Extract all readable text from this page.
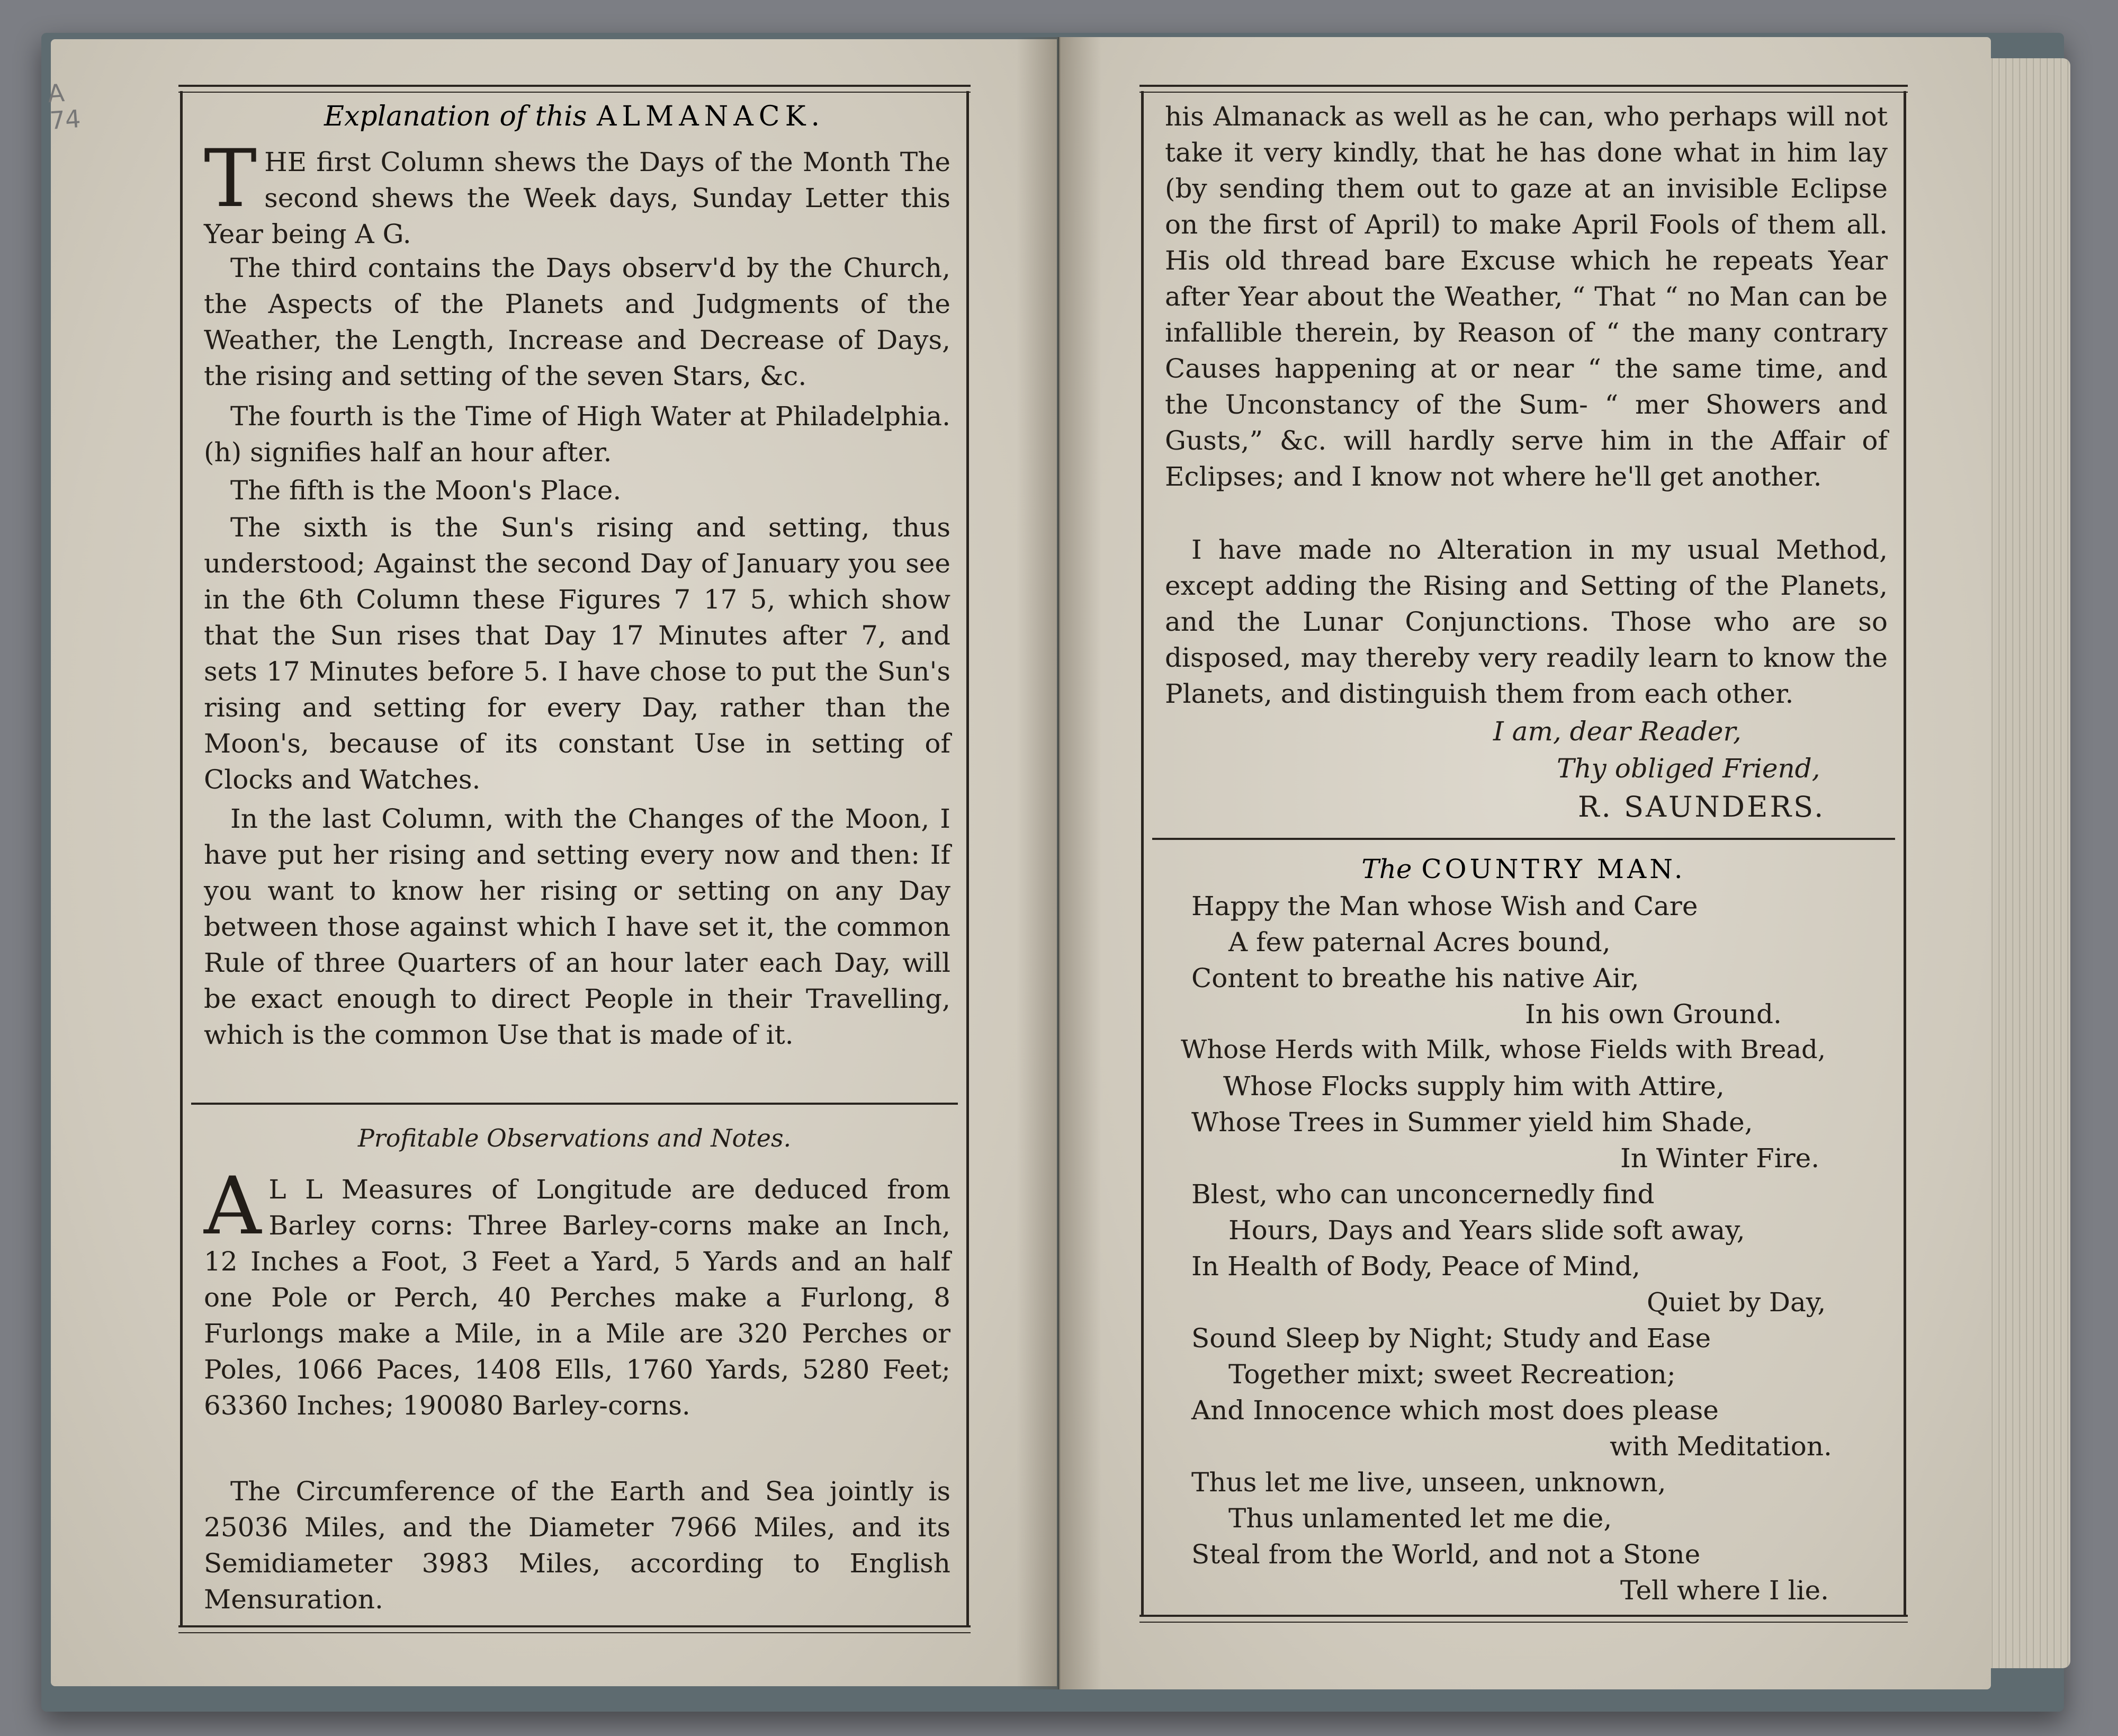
A
74	Explanation of this ALMANACK.
THE first Column shews the Days of the Month The second shews the Week days, Sunday Letter this Year being A G.
The third contains the Days observ'd by the Church, the Aspects of the Planets and Judgments of the Weather, the Length, Increase and Decrease of Days, the rising and setting of the seven Stars, &c.
The fourth is the Time of High Water at Philadelphia. (h) signifies half an hour after.
The fifth is the Moon's Place.
The sixth is the Sun's rising and setting, thus understood; Against the second Day of January you see in the 6th Column these Figures 7 17 5, which show that the Sun rises that Day 17 Minutes after 7, and sets 17 Minutes before 5. I have chose to put the Sun's rising and setting for every Day, rather than the Moon's, because of its constant Use in setting of Clocks and Watches.
In the last Column, with the Changes of the Moon, I have put her rising and setting every now and then: If you want to know her rising or setting on any Day between those against which I have set it, the common Rule of three Quarters of an hour later each Day, will be exact enough to direct People in their Travelling, which is the common Use that is made of it.
Profitable Observations and Notes.
A L L Measures of Longitude are deduced from Barley corns: Three Barley-corns make an Inch, 12 Inches a Foot, 3 Feet a Yard, 5 Yards and an half one Pole or Perch, 40 Perches make a Furlong, 8 Furlongs make a Mile, in a Mile are 320 Perches or Poles, 1066 Paces, 1408 Ells, 1760 Yards, 5280 Feet; 63360 Inches; 190080 Barley-corns.
The Circumference of the Earth and Sea jointly is 25036 Miles, and the Diameter 7966 Miles, and its Semidiameter 3983 Miles, according to English Mensuration.
his Almanack as well as he can, who perhaps will not take it very kindly, that he has done what in him lay (by sending them out to gaze at an invisible Eclipse on the first of April) to make April Fools of them all. His old thread bare Excuse which he repeats Year after Year about the Weather, “ That “ no Man can be infallible therein, by Reason of “ the many contrary Causes happening at or near “ the same time, and the Unconstancy of the Sum- “ mer Showers and Gusts,” &c. will hardly serve him in the Affair of Eclipses; and I know not where he'll get another.
I have made no Alteration in my usual Method, except adding the Rising and Setting of the Planets, and the Lunar Conjunctions. Those who are so disposed, may thereby very readily learn to know the Planets, and distinguish them from each other.
I am, dear Reader,
Thy obliged Friend,
R. SAUNDERS.
The COUNTRY MAN.
Happy the Man whose Wish and Care
A few paternal Acres bound,
Content to breathe his native Air,
In his own Ground.
Whose Herds with Milk, whose Fields with Bread,
Whose Flocks supply him with Attire,
Whose Trees in Summer yield him Shade,
In Winter Fire.
Blest, who can unconcernedly find
Hours, Days and Years slide soft away,
In Health of Body, Peace of Mind,
Quiet by Day,
Sound Sleep by Night; Study and Ease
Together mixt; sweet Recreation;
And Innocence which most does please
with Meditation.
Thus let me live, unseen, unknown,
Thus unlamented let me die,
Steal from the World, and not a Stone
Tell where I lie.
